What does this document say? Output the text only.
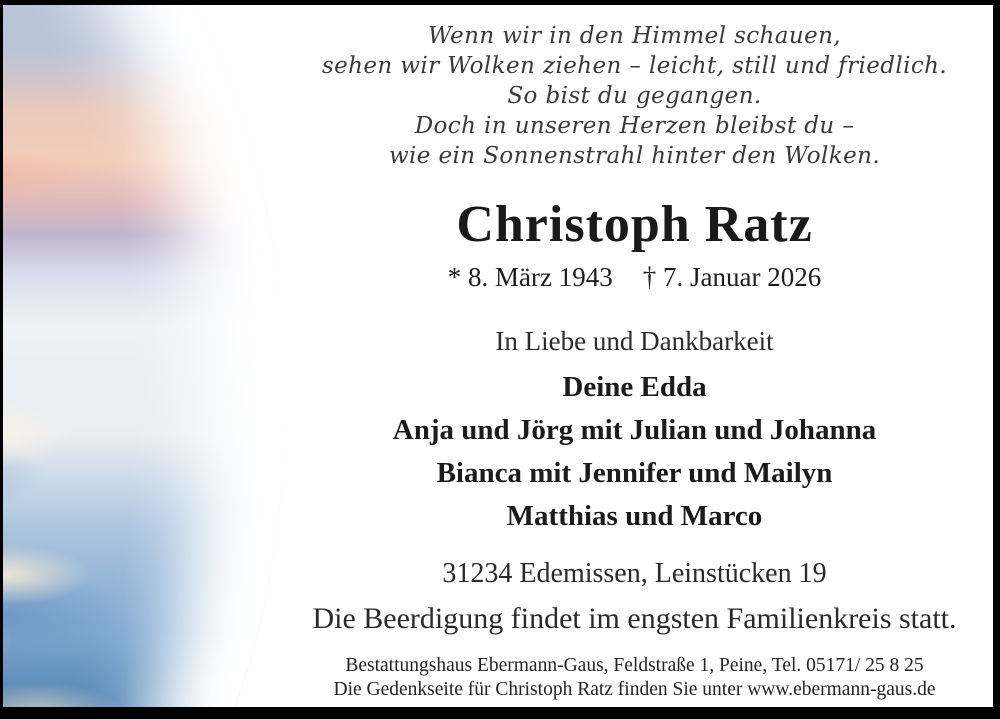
Wenn wir in den Himmel schauen,
sehen wir Wolken ziehen – leicht, still und friedlich.
So bist du gegangen.
Doch in unseren Herzen bleibst du –
wie ein Sonnenstrahl hinter den Wolken.
Christoph Ratz
* 8. März 1943 † 7. Januar 2026
In Liebe und Dankbarkeit
Deine Edda
Anja und Jörg mit Julian und Johanna
Bianca mit Jennifer und Mailyn
Matthias und Marco
31234 Edemissen, Leinstücken 19
Die Beerdigung findet im engsten Familienkreis statt.
Bestattungshaus Ebermann-Gaus, Feldstraße 1, Peine, Tel. 05171/ 25 8 25
Die Gedenkseite für Christoph Ratz finden Sie unter www.ebermann-gaus.de
